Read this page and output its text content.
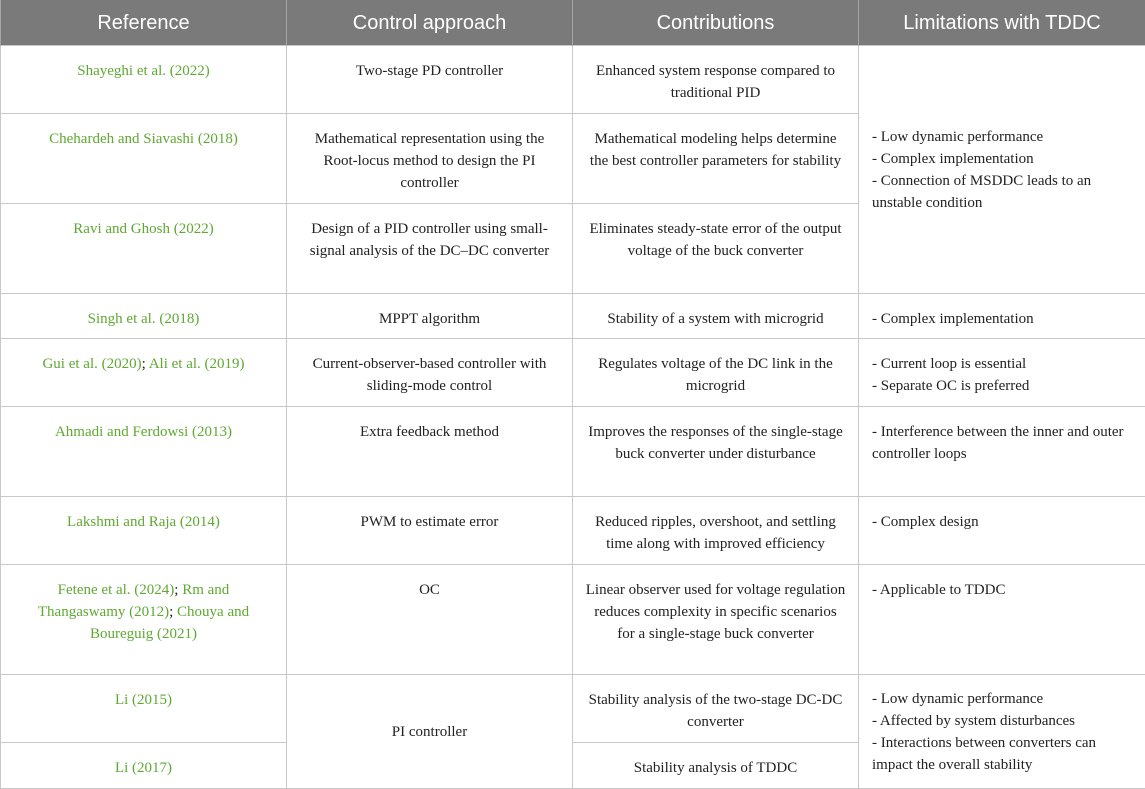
Reference	Control approach	Contributions	Limitations with TDDC
Shayeghi et al. (2022)	Two-stage PD controller	Enhanced system response compared to traditional PID	- Low dynamic performance
- Complex implementation
- Connection of MSDDC leads to an unstable condition

Chehardeh and Siavashi (2018)	Mathematical representation using the Root-locus method to design the PI controller	Mathematical modeling helps determine the best controller parameters for stability	
Ravi and Ghosh (2022)	Design of a PID controller using small-signal analysis of the DC–DC converter	Eliminates steady-state error of the output voltage of the buck converter	
Singh et al. (2018)	MPPT algorithm	Stability of a system with microgrid	- Complex implementation

Gui et al. (2020); Ali et al. (2019)	Current-observer-based controller with sliding-mode control	Regulates voltage of the DC link in the microgrid	- Current loop is essential
- Separate OC is preferred

Ahmadi and Ferdowsi (2013)	Extra feedback method	Improves the responses of the single-stage buck converter under disturbance	- Interference between the inner and outer controller loops

Lakshmi and Raja (2014)	PWM to estimate error	Reduced ripples, overshoot, and settling time along with improved efficiency	- Complex design

Fetene et al. (2024); Rm and Thangaswamy (2012); Chouya and Boureguig (2021)	OC	Linear observer used for voltage regulation reduces complexity in specific scenarios for a single-stage buck converter	- Applicable to TDDC

Li (2015)	PI controller	Stability analysis of the two-stage DC-DC converter	- Low dynamic performance
- Affected by system disturbances
- Interactions between converters can impact the overall stability

Li (2017)		Stability analysis of TDDC	
